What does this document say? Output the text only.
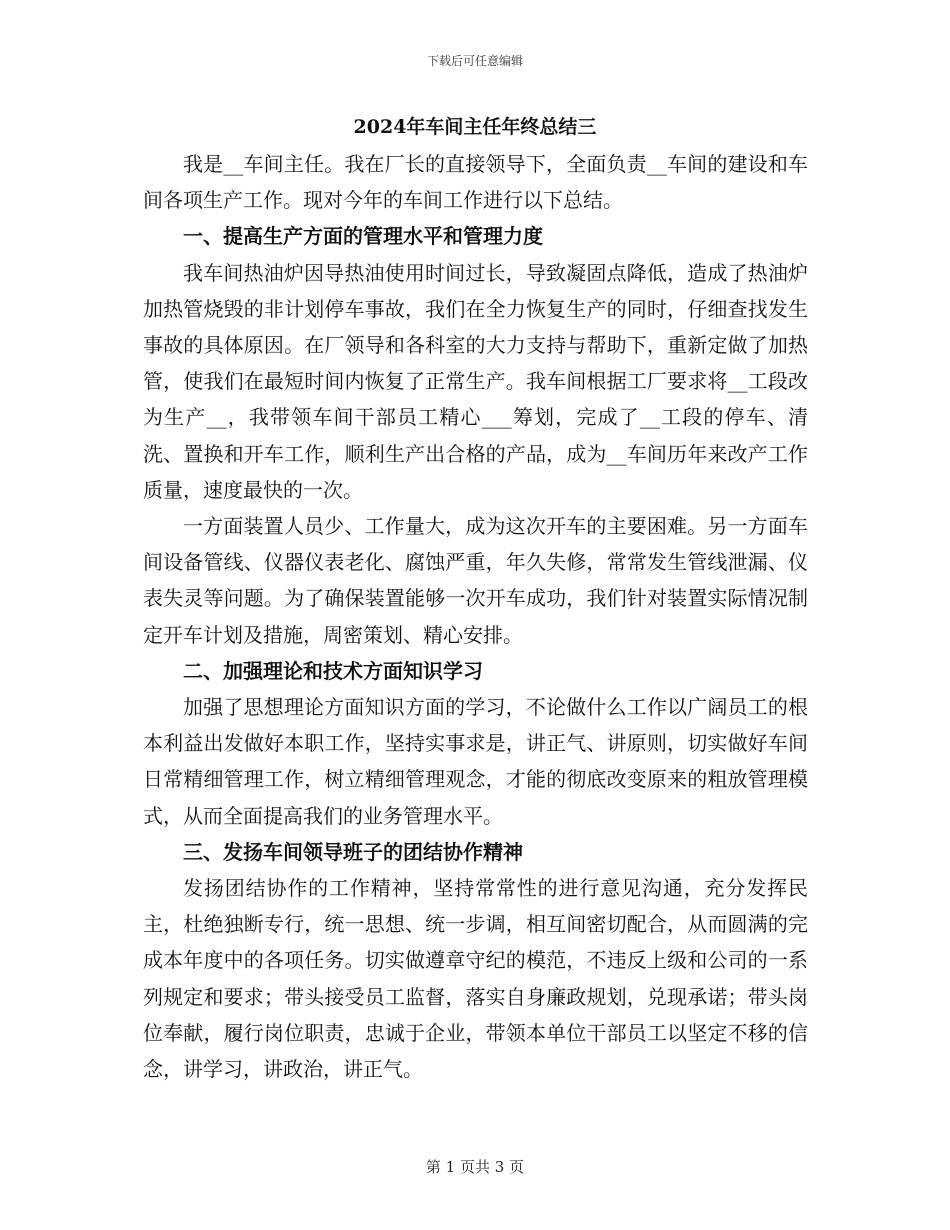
下载后可任意编辑
2024年车间主任年终总结三

我是__车间主任。我在厂长的直接领导下，全面负责__车间的建设和车间各项生产工作。现对今年的车间工作进行以下总结。

一、提高生产方面的管理水平和管理力度

我车间热油炉因导热油使用时间过长，导致凝固点降低，造成了热油炉加热管烧毁的非计划停车事故，我们在全力恢复生产的同时，仔细查找发生事故的具体原因。在厂领导和各科室的大力支持与帮助下，重新定做了加热管，使我们在最短时间内恢复了正常生产。我车间根据工厂要求将__工段改为生产__，我带领车间干部员工精心___筹划，完成了__工段的停车、清洗、置换和开车工作，顺利生产出合格的产品，成为__车间历年来改产工作质量，速度最快的一次。

一方面装置人员少、工作量大，成为这次开车的主要困难。另一方面车间设备管线、仪器仪表老化、腐蚀严重，年久失修，常常发生管线泄漏、仪表失灵等问题。为了确保装置能够一次开车成功，我们针对装置实际情况制定开车计划及措施，周密策划、精心安排。

二、加强理论和技术方面知识学习

加强了思想理论方面知识方面的学习，不论做什么工作以广阔员工的根本利益出发做好本职工作，坚持实事求是，讲正气、讲原则，切实做好车间日常精细管理工作，树立精细管理观念，才能的彻底改变原来的粗放管理模式，从而全面提高我们的业务管理水平。

三、发扬车间领导班子的团结协作精神

发扬团结协作的工作精神，坚持常常性的进行意见沟通，充分发挥民主，杜绝独断专行，统一思想、统一步调，相互间密切配合，从而圆满的完成本年度中的各项任务。切实做遵章守纪的模范，不违反上级和公司的一系列规定和要求；带头接受员工监督，落实自身廉政规划，兑现承诺；带头岗位奉献，履行岗位职责，忠诚于企业，带领本单位干部员工以坚定不移的信念，讲学习，讲政治，讲正气。

第 1 页共 3 页
